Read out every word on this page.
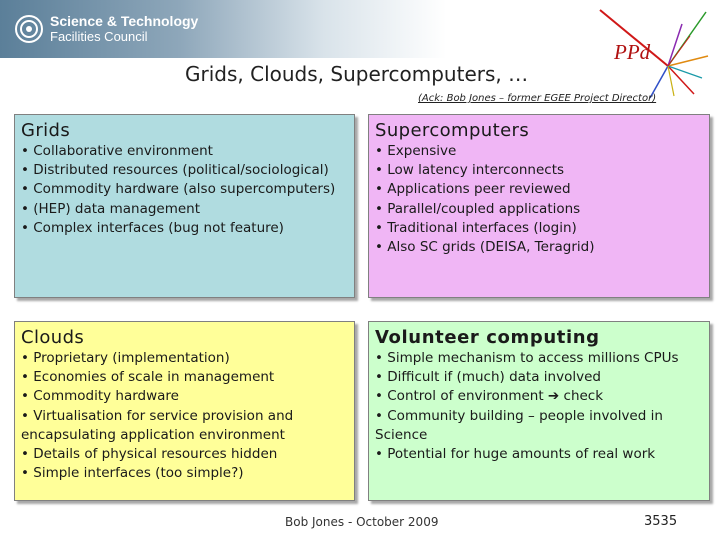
Science & Technology
Facilities Council
PPd
Grids, Clouds, Supercomputers, …
(Ack: Bob Jones – former EGEE Project Director)
Grids
• Collaborative environment
• Distributed resources (political/sociological)
• Commodity hardware (also supercomputers)
• (HEP) data management
• Complex interfaces (bug not feature)
Supercomputers
• Expensive
• Low latency interconnects
• Applications peer reviewed
• Parallel/coupled applications
• Traditional interfaces (login)
• Also SC grids (DEISA, Teragrid)
Clouds
• Proprietary (implementation)
• Economies of scale in management
• Commodity hardware
• Virtualisation for service provision and encapsulating application environment
• Details of physical resources hidden
• Simple interfaces (too simple?)
Volunteer computing
• Simple mechanism to access millions CPUs
• Difficult if (much) data involved
• Control of environment ➔ check
• Community building – people involved in Science
• Potential for huge amounts of real work
Bob Jones - October 2009	3535
